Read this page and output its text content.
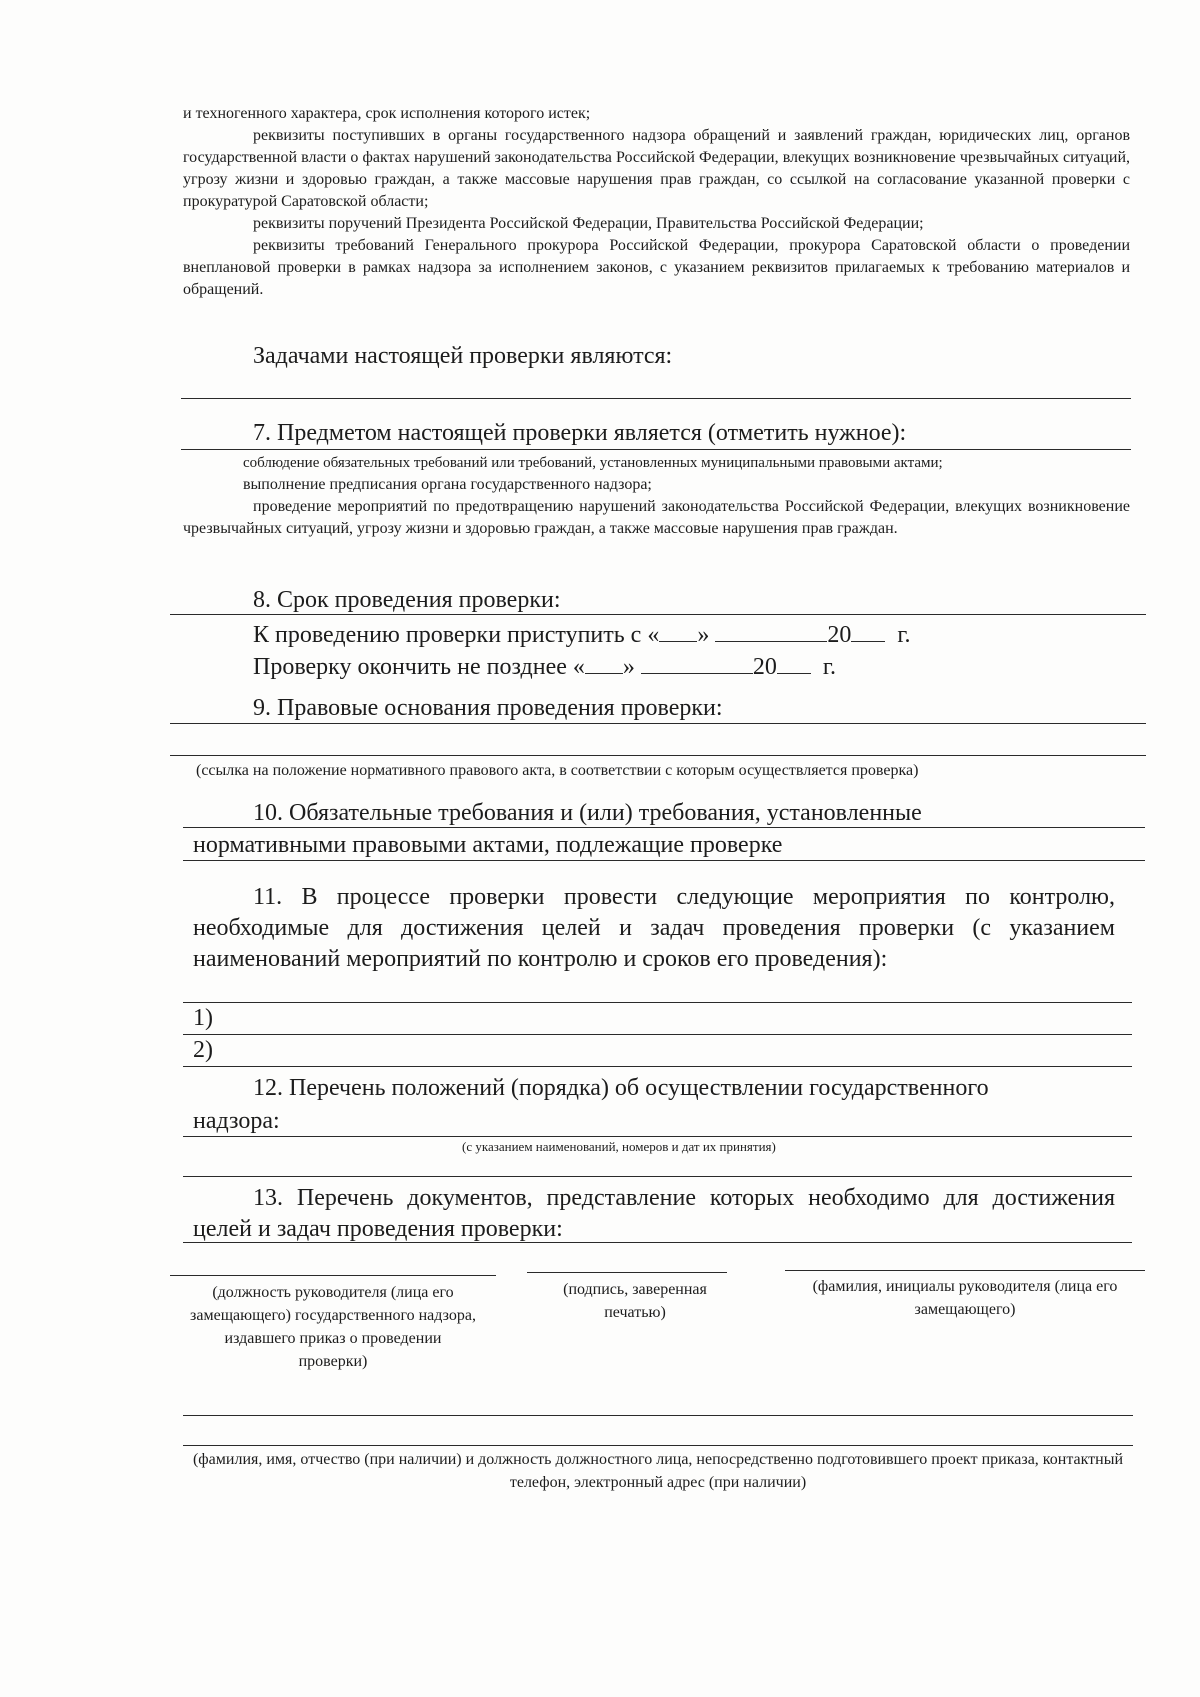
и техногенного характера, срок исполнения которого истек;

реквизиты поступивших в органы государственного надзора обращений и заявлений граждан, юридических лиц, органов государственной власти о фактах нарушений законодательства Российской Федерации, влекущих возникновение чрезвычайных ситуаций, угрозу жизни и здоровью граждан, а также массовые нарушения прав граждан, со ссылкой на согласование указанной проверки с прокуратурой Саратовской области;

реквизиты поручений Президента Российской Федерации, Правительства Российской Федерации;

реквизиты требований Генерального прокурора Российской Федерации, прокурора Саратовской области о проведении внеплановой проверки в рамках надзора за исполнением законов, с указанием реквизитов прилагаемых к требованию материалов и обращений.

Задачами настоящей проверки являются:
7. Предметом настоящей проверки является (отметить нужное):

соблюдение обязательных требований или требований, установленных муниципальными правовыми актами;

выполнение предписания органа государственного надзора;

проведение мероприятий по предотвращению нарушений законодательства Российской Федерации, влекущих возникновение чрезвычайных ситуаций, угрозу жизни и здоровью граждан, а также массовые нарушения прав граждан.

8. Срок проведения проверки:
К проведению проверки приступить с « »	20 г.
Проверку окончить не позднее « »	20 г.
9. Правовые основания проведения проверки:
(ссылка на положение нормативного правового акта, в соответствии с которым осуществляется проверка)
10. Обязательные требования и (или) требования, установленные
нормативными правовыми актами, подлежащие проверке

11. В процессе проверки провести следующие мероприятия по контролю, необходимые для достижения целей и задач проведения проверки (с указанием наименований мероприятий по контролю и сроков его проведения):

1)
2)
12. Перечень положений (порядка) об осуществлении государственного
надзора:
(с указанием наименований, номеров и дат их принятия)

13. Перечень документов, представление которых необходимо для достижения целей и задач проведения проверки:

(должность руководителя (лица его замещающего) государственного надзора, издавшего приказ о проведении проверки)
(подпись, заверенная печатью)
(фамилия, инициалы руководителя (лица его замещающего)
(фамилия, имя, отчество (при наличии) и должность должностного лица, непосредственно подготовившего проект приказа, контактный телефон, электронный адрес (при наличии)
